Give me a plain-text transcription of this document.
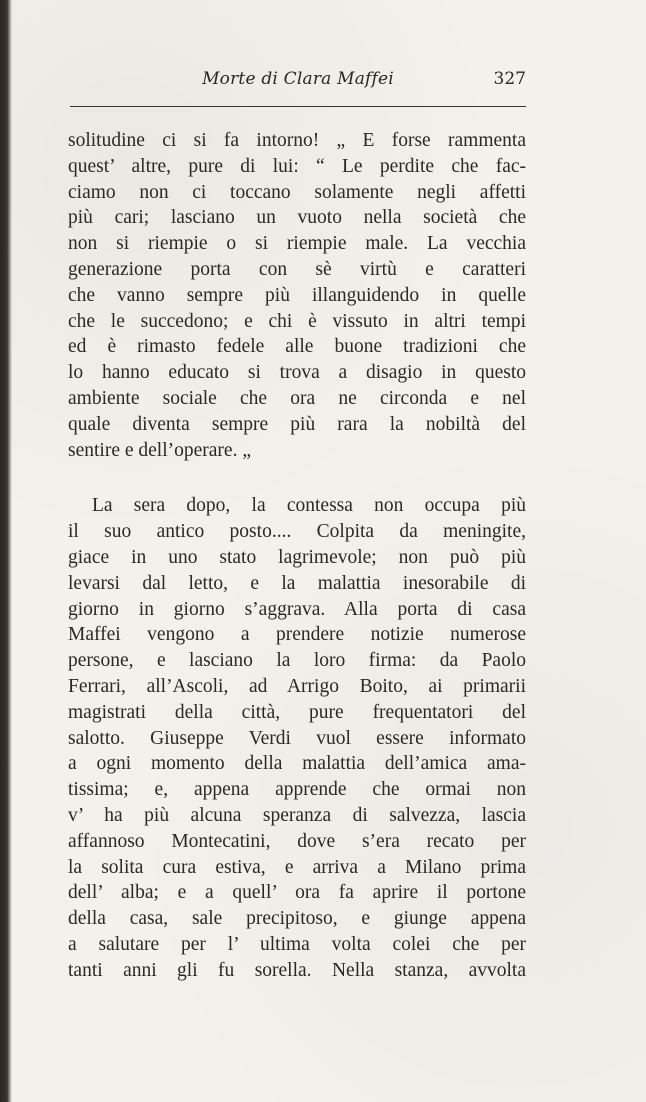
Morte di Clara Maffei	327
solitudine ci si fa intorno! „ E forse rammenta
quest’ altre, pure di lui: “ Le perdite che fac-
ciamo non ci toccano solamente negli affetti
più cari; lasciano un vuoto nella società che
non si riempie o si riempie male. La vecchia
generazione porta con sè virtù e caratteri
che vanno sempre più illanguidendo in quelle
che le succedono; e chi è vissuto in altri tempi
ed è rimasto fedele alle buone tradizioni che
lo hanno educato si trova a disagio in questo
ambiente sociale che ora ne circonda e nel
quale diventa sempre più rara la nobiltà del
sentire e dell’operare. „
La sera dopo, la contessa non occupa più
il suo antico posto.... Colpita da meningite,
giace in uno stato lagrimevole; non può più
levarsi dal letto, e la malattia inesorabile di
giorno in giorno s’aggrava. Alla porta di casa
Maffei vengono a prendere notizie numerose
persone, e lasciano la loro firma: da Paolo
Ferrari, all’Ascoli, ad Arrigo Boito, ai primarii
magistrati della città, pure frequentatori del
salotto. Giuseppe Verdi vuol essere informato
a ogni momento della malattia dell’amica ama-
tissima; e, appena apprende che ormai non
v’ ha più alcuna speranza di salvezza, lascia
affannoso Montecatini, dove s’era recato per
la solita cura estiva, e arriva a Milano prima
dell’ alba; e a quell’ ora fa aprire il portone
della casa, sale precipitoso, e giunge appena
a salutare per l’ ultima volta colei che per
tanti anni gli fu sorella. Nella stanza, avvolta
